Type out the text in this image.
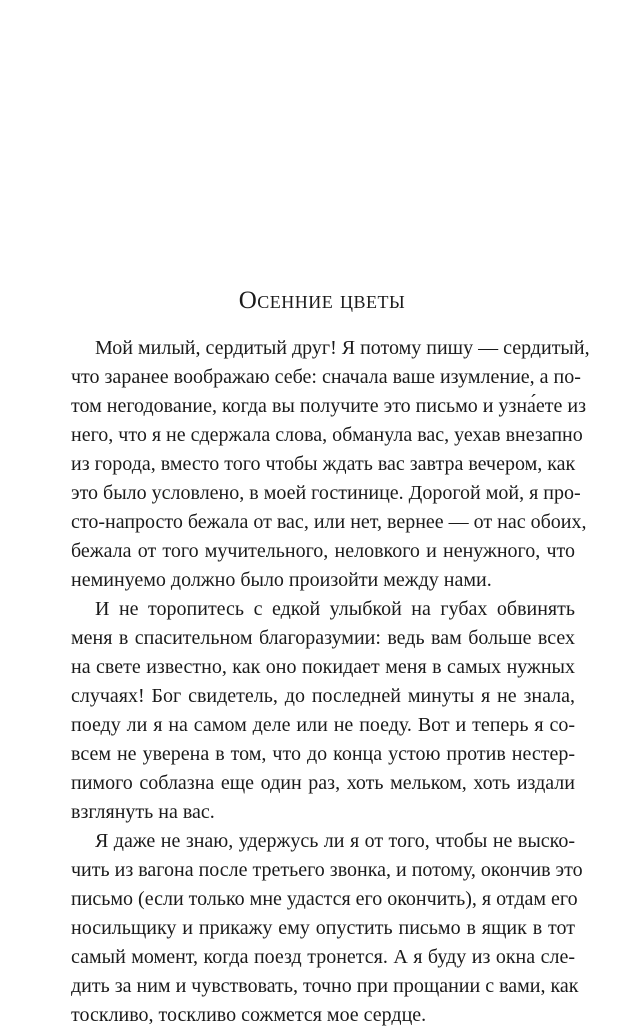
Осенние цветы
Мой милый, сердитый друг! Я потому пишу — сердитый,
что заранее воображаю себе: сначала ваше изумление, а по-
том негодование, когда вы получите это письмо и узна́ете из
него, что я не сдержала слова, обманула вас, уехав внезапно
из города, вместо того чтобы ждать вас завтра вечером, как
это было условлено, в моей гостинице. Дорогой мой, я про-
сто-напросто бежала от вас, или нет, вернее — от нас обоих,
бежала от того мучительного, неловкого и ненужного, что
неминуемо должно было произойти между нами.
И не торопитесь с едкой улыбкой на губах обвинять
меня в спасительном благоразумии: ведь вам больше всех
на свете известно, как оно покидает меня в самых нужных
случаях! Бог свидетель, до последней минуты я не знала,
поеду ли я на самом деле или не поеду. Вот и теперь я со-
всем не уверена в том, что до конца устою против нестер-
пимого соблазна еще один раз, хоть мельком, хоть издали
взглянуть на вас.
Я даже не знаю, удержусь ли я от того, чтобы не выско-
чить из вагона после третьего звонка, и потому, окончив это
письмо (если только мне удастся его окончить), я отдам его
носильщику и прикажу ему опустить письмо в ящик в тот
самый момент, когда поезд тронется. А я буду из окна сле-
дить за ним и чувствовать, точно при прощании с вами, как
тоскливо, тоскливо сожмется мое сердце.
